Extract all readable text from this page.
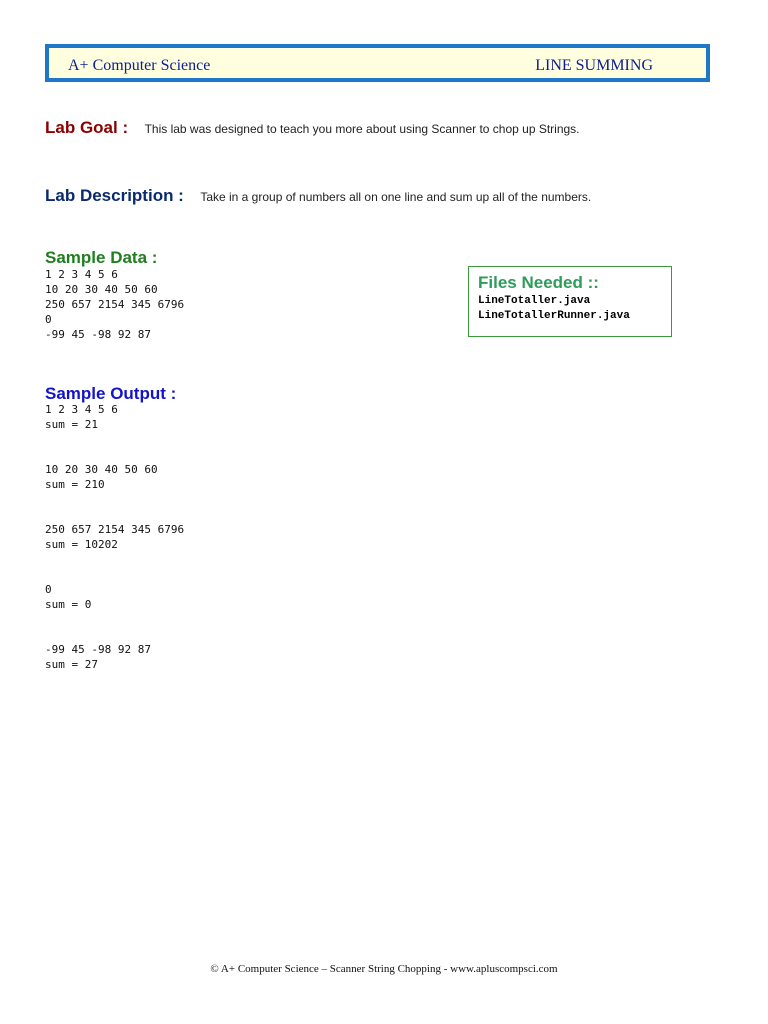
A+ Computer Science	LINE SUMMING
Lab Goal : This lab was designed to teach you more about using Scanner to chop up Strings.
Lab Description : Take in a group of numbers all on one line and sum up all of the numbers.
Sample Data :
1 2 3 4 5 6
10 20 30 40 50 60
250 657 2154 345 6796
0
-99 45 -98 92 87
Files Needed ::
LineTotaller.java
LineTotallerRunner.java
Sample Output :
1 2 3 4 5 6
sum = 21
10 20 30 40 50 60
sum = 210
250 657 2154 345 6796
sum = 10202
0
sum = 0
-99 45 -98 92 87
sum = 27
© A+ Computer Science – Scanner String Chopping - www.apluscompsci.com
